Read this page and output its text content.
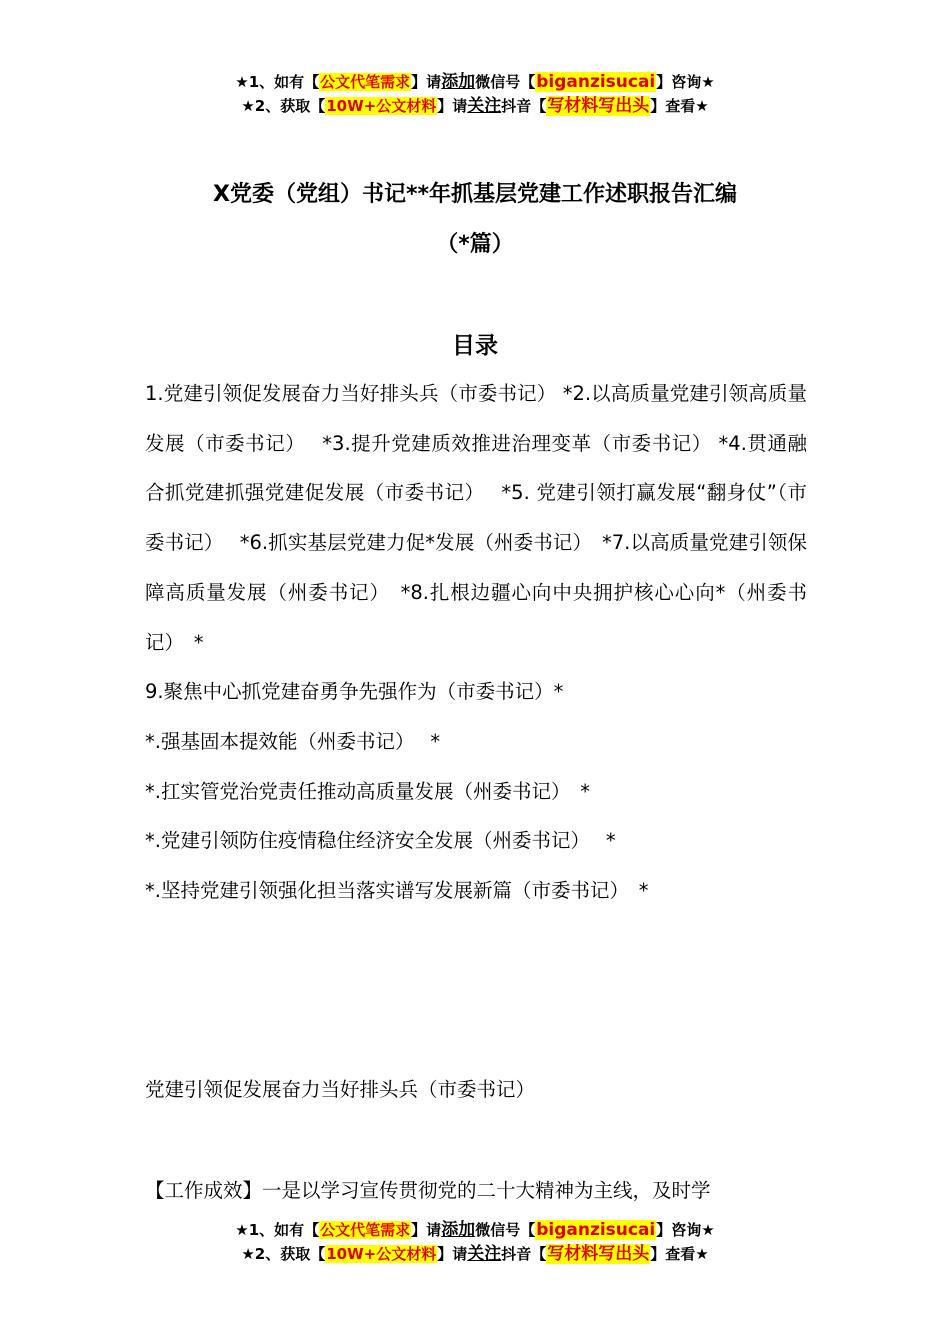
★1、如有【公文代笔需求】请添加微信号【biganzisucai】咨询★
★2、获取【10W+公文材料】请关注抖音【写材料写出头】查看★
X党委（党组）书记**年抓基层党建工作述职报告汇编
（*篇）
目录

1.党建引领促发展奋力当好排头兵（市委书记） *2.以高质量党建引领高质量发展（市委书记）　 *3.提升党建质效推进治理变革（市委书记） *4.贯通融合抓党建抓强党建促发展（市委书记）　 *5. 党建引领打赢发展“翻身仗”（市委书记）　 *6.抓实基层党建力促*发展（州委书记）　*7.以高质量党建引领保障高质量发展（州委书记）　*8.扎根边疆心向中央拥护核心心向*（州委书记）　*

9.聚焦中心抓党建奋勇争先强作为（市委书记）*

*.强基固本提效能（州委书记）　 *

*.扛实管党治党责任推动高质量发展（州委书记）　*

*.党建引领防住疫情稳住经济安全发展（州委书记）　 *

*.坚持党建引领强化担当落实谱写发展新篇（市委书记）　*

党建引领促发展奋力当好排头兵（市委书记）
【工作成效】一是以学习宣传贯彻党的二十大精神为主线，及时学
★1、如有【公文代笔需求】请添加微信号【biganzisucai】咨询★
★2、获取【10W+公文材料】请关注抖音【写材料写出头】查看★
